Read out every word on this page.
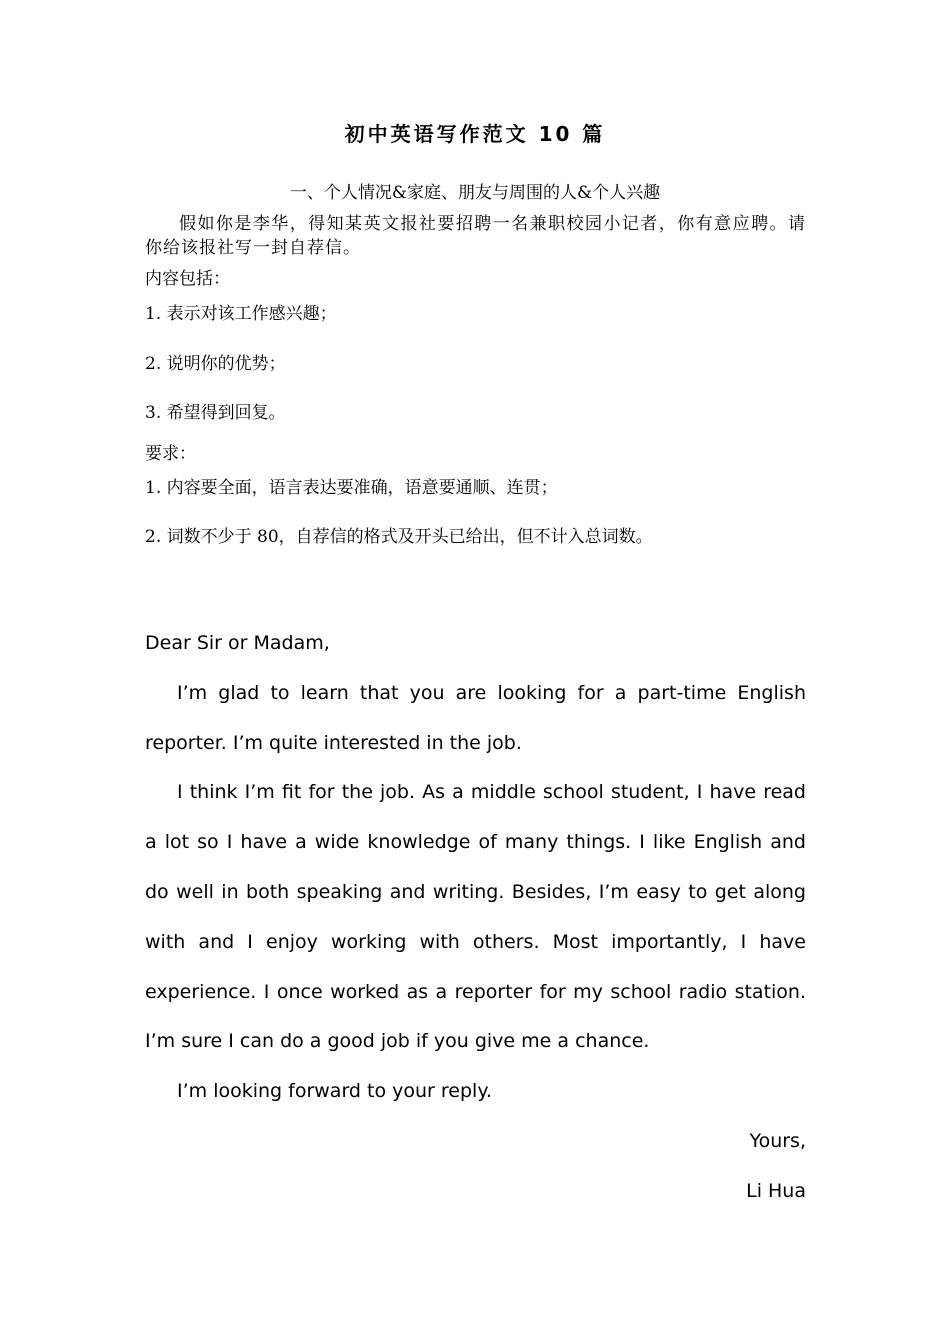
初中英语写作范文 10 篇
一、个人情况&家庭、朋友与周围的人&个人兴趣
假如你是李华，得知某英文报社要招聘一名兼职校园小记者，你有意应聘。请你给该报社写一封自荐信。
内容包括：
1. 表示对该工作感兴趣；
2. 说明你的优势；
3. 希望得到回复。
要求：
1. 内容要全面，语言表达要准确，语意要通顺、连贯；
2. 词数不少于 80，自荐信的格式及开头已给出，但不计入总词数。

Dear Sir or Madam,

I’m glad to learn that you are looking for a part-time English reporter. I’m quite interested in the job.

I think I’m fit for the job. As a middle school student, I have read a lot so I have a wide knowledge of many things. I like English and do well in both speaking and writing. Besides, I’m easy to get along with and I enjoy working with others. Most importantly, I have experience. I once worked as a reporter for my school radio station. I’m sure I can do a good job if you give me a chance.

I’m looking forward to your reply.

Yours,

Li Hua
